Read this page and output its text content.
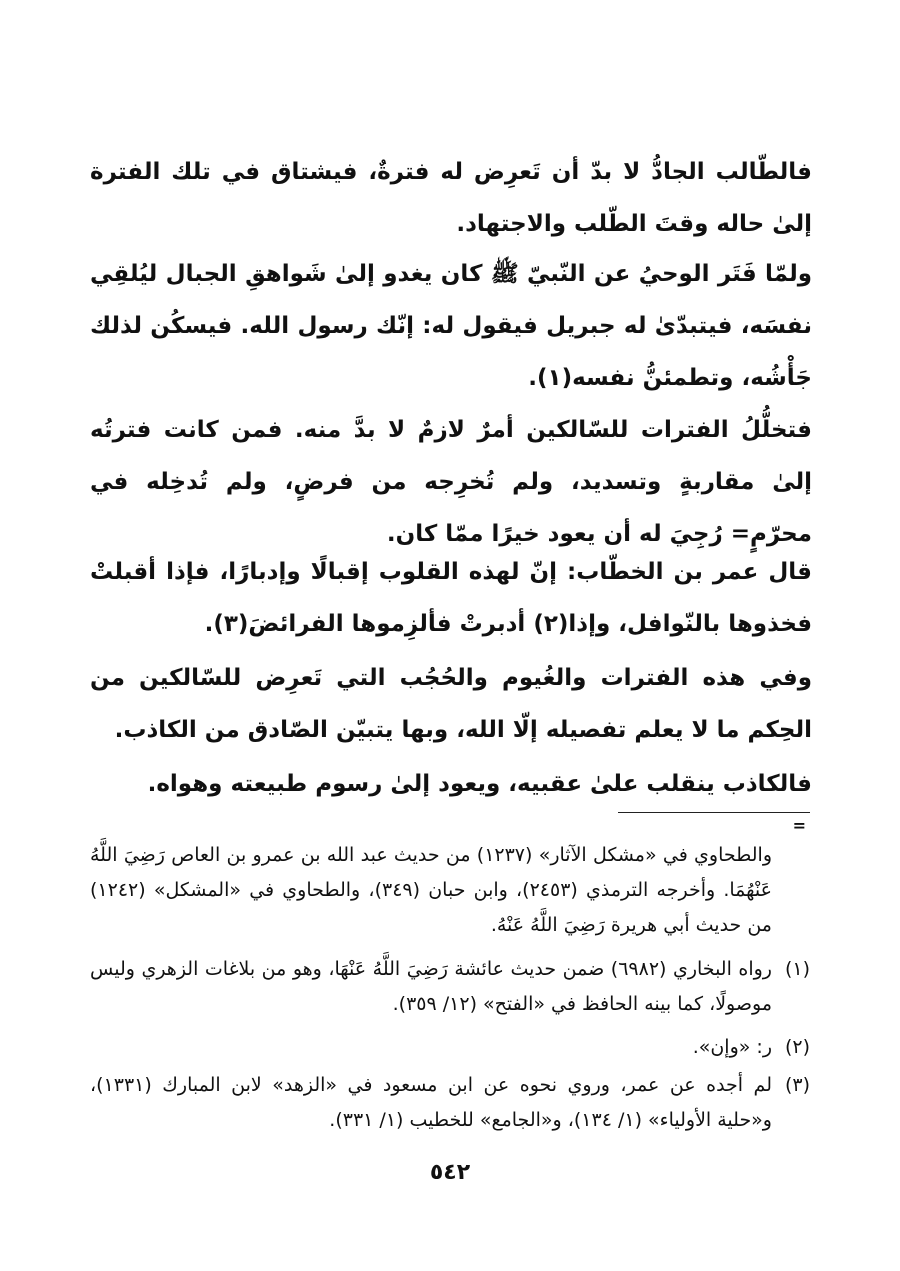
فالطّالب الجادُّ لا بدّ أن تَعرِض له فترةٌ، فيشتاق في تلك الفترة إلىٰ حاله وقتَ الطّلب والاجتهاد.

ولمّا فَتَر الوحيُ عن النّبيّ ﷺ كان يغدو إلىٰ شَواهقِ الجبال ليُلقِي نفسَه، فيتبدّىٰ له جبريل فيقول له: إنّك رسول الله. فيسكُن لذلك جَأْشُه، وتطمئنُّ نفسه(١).

فتخلُّلُ الفترات للسّالكين أمرٌ لازمٌ لا بدَّ منه. فمن كانت فترتُه إلىٰ مقاربةٍ وتسديد، ولم تُخرِجه من فرضٍ، ولم تُدخِله في محرّمٍ= رُجِيَ له أن يعود خيرًا ممّا كان.

قال عمر بن الخطّاب: إنّ لهذه القلوب إقبالًا وإدبارًا، فإذا أقبلتْ فخذوها بالنّوافل، وإذا(٢) أدبرتْ فألزِموها الفرائضَ(٣).

وفي هذه الفترات والغُيوم والحُجُب التي تَعرِض للسّالكين من الحِكم ما لا يعلم تفصيله إلّا الله، وبها يتبيّن الصّادق من الكاذب.

فالكاذب ينقلب علىٰ عقبيه، ويعود إلىٰ رسوم طبيعته وهواه.

=
والطحاوي في «مشكل الآثار» (١٢٣٧) من حديث عبد الله بن عمرو بن العاص رَضِيَ اللَّهُ عَنْهُمَا. وأخرجه الترمذي (٢٤٥٣)، وابن حبان (٣٤٩)، والطحاوي في «المشكل» (١٢٤٢) من حديث أبي هريرة رَضِيَ اللَّهُ عَنْهُ.
(١)
رواه البخاري (٦٩٨٢) ضمن حديث عائشة رَضِيَ اللَّهُ عَنْهَا، وهو من بلاغات الزهري وليس موصولًا، كما بينه الحافظ في «الفتح» (١٢/ ٣٥٩).
(٢)
ر: «وإن».
(٣)
لم أجده عن عمر، وروي نحوه عن ابن مسعود في «الزهد» لابن المبارك (١٣٣١)، و«حلية الأولياء» (١/ ١٣٤)، و«الجامع» للخطيب (١/ ٣٣١).
٥٤٢
